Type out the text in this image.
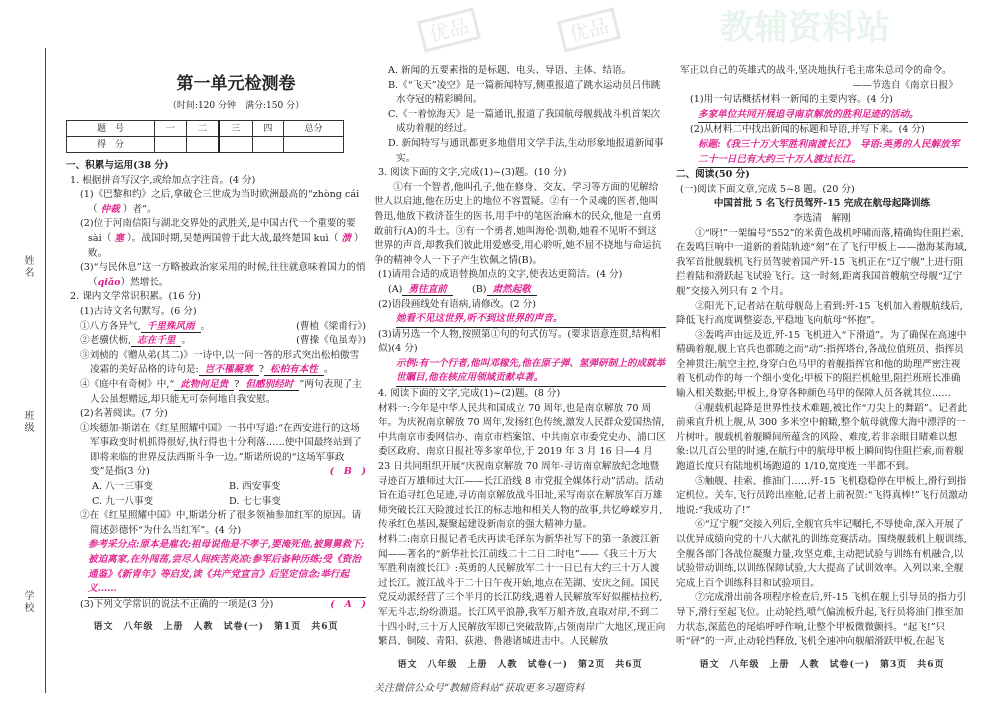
姓名
班级
学校
优品	优品	教辅资料站
第一单元检测卷
（时间:120 分钟　满分:150 分）
题　号	一	二	三	四	总分
得　分					
一、积累与运用(38 分)
1. 根据拼音写汉字,或给加点字注音。(4 分)
(1)《巴黎和约》之后,拿破仑三世成为当时欧洲最高的“zhòng cái（ 仲裁 ）者”。
(2)位于河南信阳与湖北交界处的武胜关,是中国古代一个重要的要 sài（ 塞 ）。战国时期,吴楚两国曾于此大战,最终楚国 kuì（ 溃 ）败。
(3)“与民休息”这一方略被政治家采用的时候,往往就意味着国力的悄（qiǎo）然增长。
2. 课内文学常识积累。(16 分)
(1)古诗文名句默写。(6 分)
①八方各异气, 千里殊风雨 。	(曹植《梁甫行》)
②老骥伏枥, 志在千里 。	(曹操《龟虽寿》)
③刘桢的《赠从弟(其二)》一诗中,以一问一答的形式突出松柏傲雪凌霜的美好品格的诗句是: 岂不罹凝寒 ? 松柏有本性 。
④《庭中有奇树》中,“ 此物何足贵 ? 但感别经时 ”两句表现了主人公虽想赠远,却只能无可奈何地自我安慰。
(2)名著阅读。(7 分)
①埃德加·斯诺在《红星照耀中国》一书中写道:“在西安进行的这场军事政变时机抓得很好,执行得也十分利落……使中国最终站到了即将来临的世界反法西斯斗争一边。”斯诺所说的“这场军事政变”是指(3 分)	(　B　)
A. 八一三事变	B. 西安事变
C. 九一八事变	D. 七七事变
②在《红星照耀中国》中,斯诺分析了很多领袖参加红军的原因。请简述彭德怀“为什么当红军”。(4 分)
参考采分点:原本是雇农;祖母说他是不孝子,要淹死他,被舅舅救下;被迫离家,在外闯荡,尝尽人间疾苦炎凉;参军后备种历练;受《资治通鉴》《新青年》等启发,读《共产党宣言》后坚定信念;举行起义……
(3)下列文学常识的说法不正确的一项是(3 分)	(　A　)
语文　八年级　上册　人教　试卷(一)　第1页　共6页
A. 新闻的五要素指的是标题、电头、导语、主体、结语。
B.《“飞天”凌空》是一篇新闻特写,侧重报道了跳水运动员吕伟跳水夺冠的精彩瞬间。
C.《一着惊海天》是一篇通讯,报道了我国航母舰载战斗机首架次成功着舰的经过。
D. 新闻特写与通讯都更多地借用文学手法,生动形象地报道新闻事实。
3. 阅读下面的文字,完成(1)~(3)题。(10 分)
①有一个智者,他叫孔子,他在修身、交友、学习等方面的见解给世人以启迪,他在历史上的地位不容置疑。②有一个灵魂的医者,他叫鲁迅,他放下救济苍生的医书,用手中的笔医治麻木的民众,他是一直勇敢前行(A)的斗士。③有一个勇者,她叫海伦·凯勒,她看不见听不到这世界的声音,却教我们彼此用爱感受,用心聆听,她不屈不挠地与命运抗争的精神令人一下子产生钦佩之情(B)。
(1)请用合适的成语替换加点的文字,使表达更简洁。(4 分)
(A) 勇往直前　　(B) 肃然起敬
(2)语段画线处有语病,请修改。(2 分)
她看不见这世界,听不到这世界的声音。
(3)请另选一个人物,按照第①句的句式仿写。(要求语意连贯,结构相似)(4 分)
示例:有一个行者,他叫邓稼先,他在原子弹、氢弹研制上的成就举世瞩目,他在核应用领域贡献卓著。
4. 阅读下面的文字,完成(1)~(2)题。(8 分)
材料一:今年是中华人民共和国成立 70 周年,也是南京解放 70 周年。为庆祝南京解放 70 周年,发扬红色传统,激发人民群众爱国热情,中共南京市委网信办、南京市档案馆、中共南京市委党史办、浦口区委区政府、南京日报社等多家单位,于 2019 年 3 月 16 日—4 月 23 日共同组织开展“庆祝南京解放 70 周年·寻访南京解放纪念地暨寻迹百万雄师过大江——长江沿线 8 市党报全媒体行动”活动。活动旨在追寻红色足迹,寻访南京解放战斗旧址,采写南京在解放军百万雄师突破长江天险渡过长江的标志地和相关人物的故事,共忆峥嵘岁月,传承红色基因,凝聚起建设新南京的强大精神力量。
材料二:南京日报记者毛庆再读毛泽东为新华社写下的第一条渡江新闻——著名的“新华社长江前线二十二日二时电”——《我三十万大军胜利南渡长江》:英勇的人民解放军二十一日已有大约三十万人渡过长江。渡江战斗于二十日午夜开始,地点在芜湖、安庆之间。国民党反动派经营了三个半月的长江防线,遇着人民解放军好似摧枯拉朽,军无斗志,纷纷溃退。长江风平浪静,我军万船齐放,直取对岸,不到二十四小时,三十万人民解放军即已突破敌阵,占领南岸广大地区,现正向繁昌、铜陵、青阳、荻港、鲁港诸城进击中。人民解放
语文　八年级　上册　人教　试卷(一)　第2页　共6页
关注微信公众号“教辅资料站”获取更多习题资料
军正以自己的英雄式的战斗,坚决地执行毛主席朱总司令的命令。
——节选自《南京日报》
(1)用一句话概括材料一新闻的主要内容。(4 分)
多家单位共同开展追寻南京解放的胜利足迹的活动。
(2)从材料二中找出新闻的标题和导语,并写下来。(4 分)
标题:《我三十万大军胜利南渡长江》　导语:英勇的人民解放军二十一日已有大约三十万人渡过长江。
二、阅读(50 分)
(一)阅读下面文章,完成 5~8 题。(20 分)
中国首批 5 名飞行员驾歼-15 完成在航母起降训练
李选清　解刚
①“呀!”一架编号“552”的米黄色战机呼啸而落,精确钩住阻拦索,在轰鸣巨响中一道新的着陆轨迹“刻”在了飞行甲板上——渤海某海域,我军首批舰载机飞行员驾驶着国产歼-15 飞机正在“辽宁舰”上进行阻拦着陆和滑跃起飞试验飞行。这一时刻,距离我国首艘航空母舰“辽宁舰”交接入列只有 2 个月。
②阳光下,记者站在航母舰岛上看到:歼-15 飞机加入着舰航线后,降低飞行高度调整姿态,平稳地飞向航母“怀抱”。
③轰鸣声由远及近,歼-15 飞机进入“下滑道”。为了确保在高速中精确着舰,舰上官兵也都随之而“动”:指挥塔台,各战位值班员、指挥员全神贯注;航空主控,身穿白色马甲的着舰指挥官和他的助理严密注视着飞机动作的每一个细小变化;甲板下的阻拦机舱里,阻拦班班长准确输入相关数据;甲板上,身穿各种颜色马甲的保障人员各就其位……
④舰载机起降是世界性技术难题,被比作“刀尖上的舞蹈”。记者此前乘直升机上舰,从 300 多米空中俯瞰,整个航母就像大海中漂浮的一片树叶。舰载机着舰瞬间所蕴含的风险、难度,若非亲眼目睹难以想象:以几百公里的时速,在航行中的航母甲板上瞬间钩住阻拦索,而着舰跑道长度只有陆地机场跑道的 1/10,宽度连一半都不到。
⑤触舰、挂索、推油门……歼-15 飞机稳稳停在甲板上,滑行到指定机位。关车,飞行员跨出座舱,记者上前祝贺:“飞得真棒!”飞行员激动地说:“我成功了!”
⑥“辽宁舰”交接入列后,全舰官兵牢记嘱托,不辱使命,深入开展了以优异成绩向党的十八大献礼的训练竞赛活动。围绕舰载机上舰训练,全舰各部门各战位凝聚力量,攻坚克难,主动把试验与训练有机融合,以试验带动训练,以训练保障试验,大大提高了试训效率。入列以来,全舰完成上百个训练科目和试验项目。
⑦完成滑出前各项程序检查后,歼-15 飞机在舰上引导员的指力引导下,滑行至起飞位。止动轮挡,喷气偏流板升起,飞行员将油门推至加力状态,深蓝色的尾焰呼呼作响,让整个甲板微微颤抖。“起飞!”只听“砰”的一声,止动轮挡释放,飞机全速冲向舰艏滑跃甲板,在起飞
语文　八年级　上册　人教　试卷(一)　第3页　共6页
